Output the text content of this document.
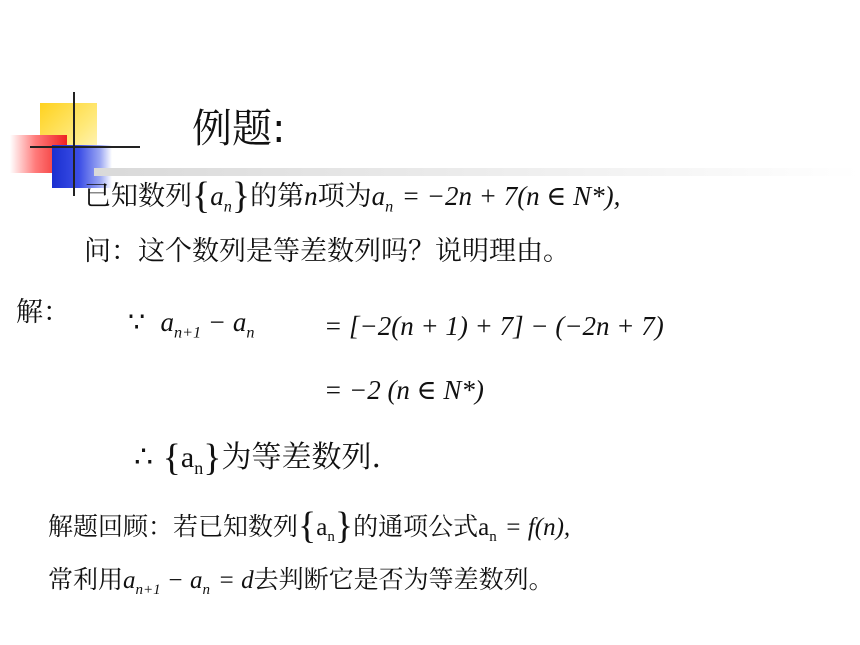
例题:
已知数列$\{a_n\}$的第n项为$a_n = -2n + 7(n$ ∈ N*),
问：这个数列是等差数列吗？说明理由。
解： ∵  $a_{n+1} - a_n$	= [−2(n + 1) + 7] − (−2n + 7)
= −2 (n ∈ N*)
∴ $\{a_n\}$为等差数列.
解题回顾：若已知数列$\{a_n\}$的通项公式$a_n = f(n)$,
常利用$a_{n+1} - a_n = d$去判断它是否为等差数列。
